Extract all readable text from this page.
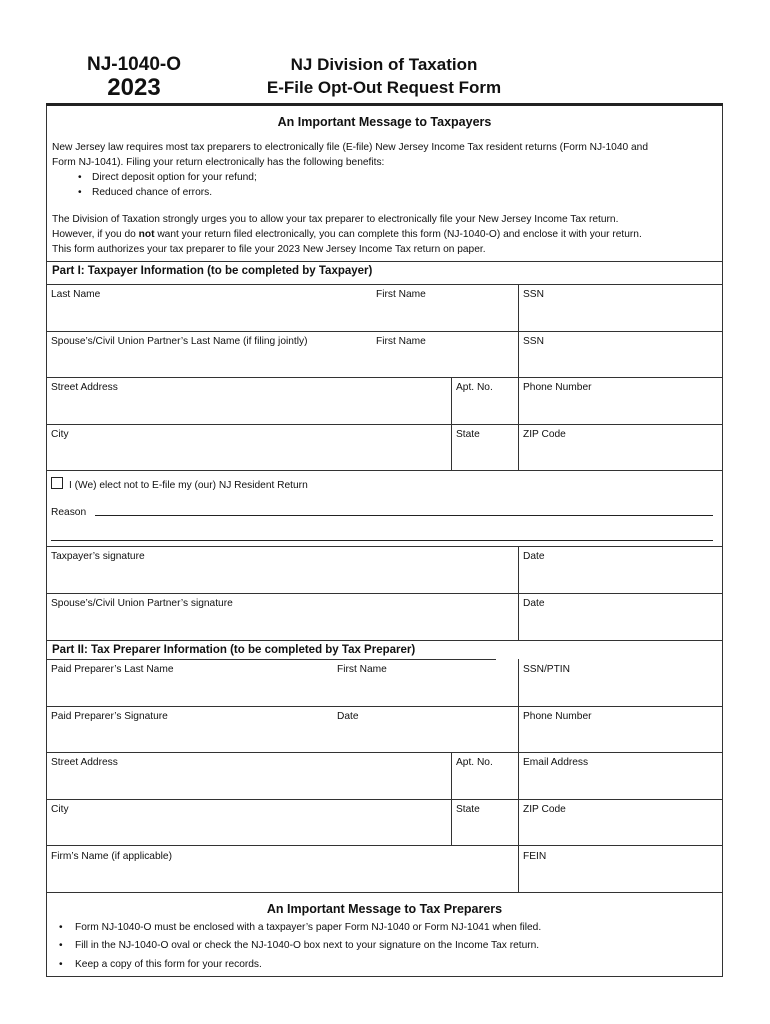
NJ-1040-O
2023
NJ Division of Taxation
E-File Opt-Out Request Form
An Important Message to Taxpayers
New Jersey law requires most tax preparers to electronically file (E-file) New Jersey Income Tax resident returns (Form NJ-1040 and
Form NJ-1041). Filing your return electronically has the following benefits:
• Direct deposit option for your refund;
• Reduced chance of errors.
The Division of Taxation strongly urges you to allow your tax preparer to electronically file your New Jersey Income Tax return.
However, if you do not want your return filed electronically, you can complete this form (NJ-1040-O) and enclose it with your return.
This form authorizes your tax preparer to file your 2023 New Jersey Income Tax return on paper.
Part I: Taxpayer Information (to be completed by Taxpayer)
Last Name	First Name	SSN
Spouse’s/Civil Union Partner’s Last Name (if filing jointly)	First Name	SSN
Street Address	Apt. No.	Phone Number
City	State	ZIP Code
I (We) elect not to E-file my (our) NJ Resident Return
Reason
Taxpayer’s signature	Date
Spouse’s/Civil Union Partner’s signature	Date
Part II: Tax Preparer Information (to be completed by Tax Preparer)
Paid Preparer’s Last Name	First Name	SSN/PTIN
Paid Preparer’s Signature	Date	Phone Number
Street Address	Apt. No.	Email Address
City	State	ZIP Code
Firm’s Name (if applicable)	FEIN
An Important Message to Tax Preparers
• Form NJ-1040-O must be enclosed with a taxpayer’s paper Form NJ-1040 or Form NJ-1041 when filed.
• Fill in the NJ-1040-O oval or check the NJ-1040-O box next to your signature on the Income Tax return.
• Keep a copy of this form for your records.
